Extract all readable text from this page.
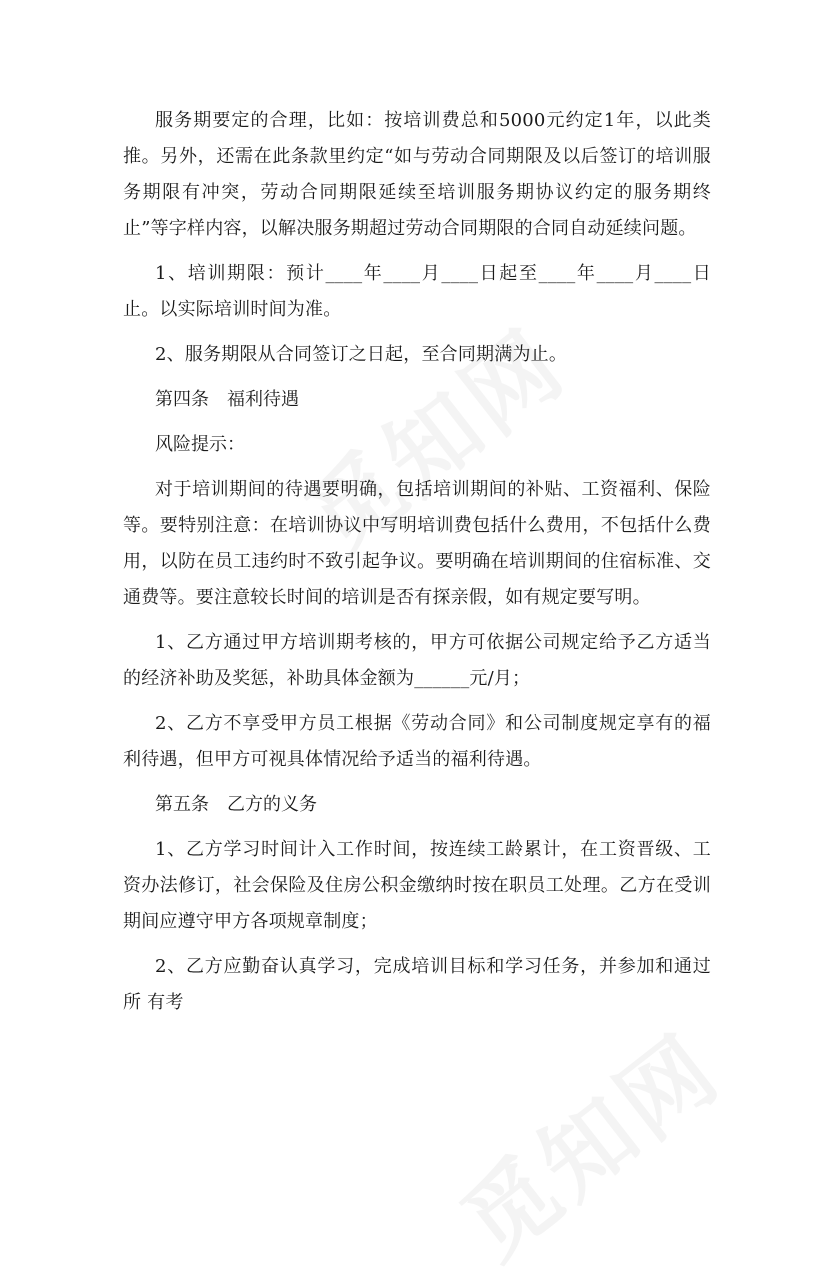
服务期要定的合理，比如：按培训费总和5000元约定1年，以此类推。另外，还需在此条款里约定“如与劳动合同期限及以后签订的培训服务期限有冲突，劳动合同期限延续至培训服务期协议约定的服务期终止”等字样内容，以解决服务期超过劳动合同期限的合同自动延续问题。

1、培训期限：预计____年____月____日起至____年____月____日止。以实际培训时间为准。

2、服务期限从合同签订之日起，至合同期满为止。

第四条　福利待遇

风险提示：

对于培训期间的待遇要明确，包括培训期间的补贴、工资福利、保险等。要特别注意：在培训协议中写明培训费包括什么费用，不包括什么费用，以防在员工违约时不致引起争议。要明确在培训期间的住宿标准、交通费等。要注意较长时间的培训是否有探亲假，如有规定要写明。

1、乙方通过甲方培训期考核的，甲方可依据公司规定给予乙方适当的经济补助及奖惩，补助具体金额为______元/月；

2、乙方不享受甲方员工根据《劳动合同》和公司制度规定享有的福利待遇，但甲方可视具体情况给予适当的福利待遇。

第五条　乙方的义务

1、乙方学习时间计入工作时间，按连续工龄累计，在工资晋级、工资办法修订，社会保险及住房公积金缴纳时按在职员工处理。乙方在受训期间应遵守甲方各项规章制度；

2、乙方应勤奋认真学习，完成培训目标和学习任务，并参加和通过所 有考
